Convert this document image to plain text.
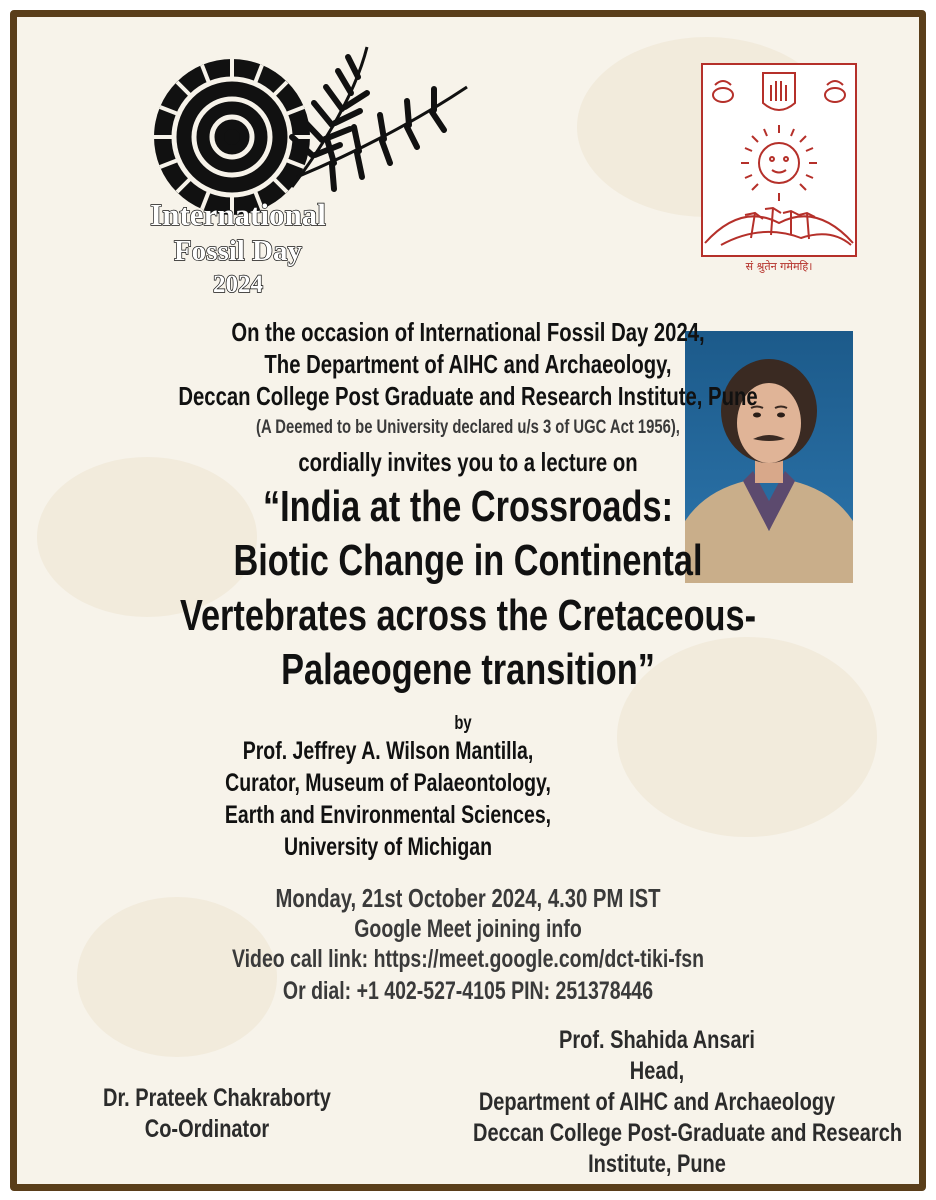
International
Fossil Day
2024
सं श्रुतेन गमेमहि।
On the occasion of International Fossil Day 2024,
The Department of AIHC and Archaeology,
Deccan College Post Graduate and Research Institute, Pune
(A Deemed to be University declared u/s 3 of UGC Act 1956),
cordially invites you to a lecture on
“India at the Crossroads:
Biotic Change in Continental
Vertebrates across the Cretaceous-
Palaeogene transition”
by
Prof. Jeffrey A. Wilson Mantilla,
Curator, Museum of Palaeontology,
Earth and Environmental Sciences,
University of Michigan
Monday, 21st October 2024, 4.30 PM IST
Google Meet joining info
Video call link: https://meet.google.com/dct-tiki-fsn
Or dial: +1 402-527-4105 PIN: 251378446
Dr. Prateek Chakraborty
Co-Ordinator
Prof. Shahida Ansari
Head,
Department of AIHC and Archaeology
Deccan College Post-Graduate and Research
Institute, Pune
